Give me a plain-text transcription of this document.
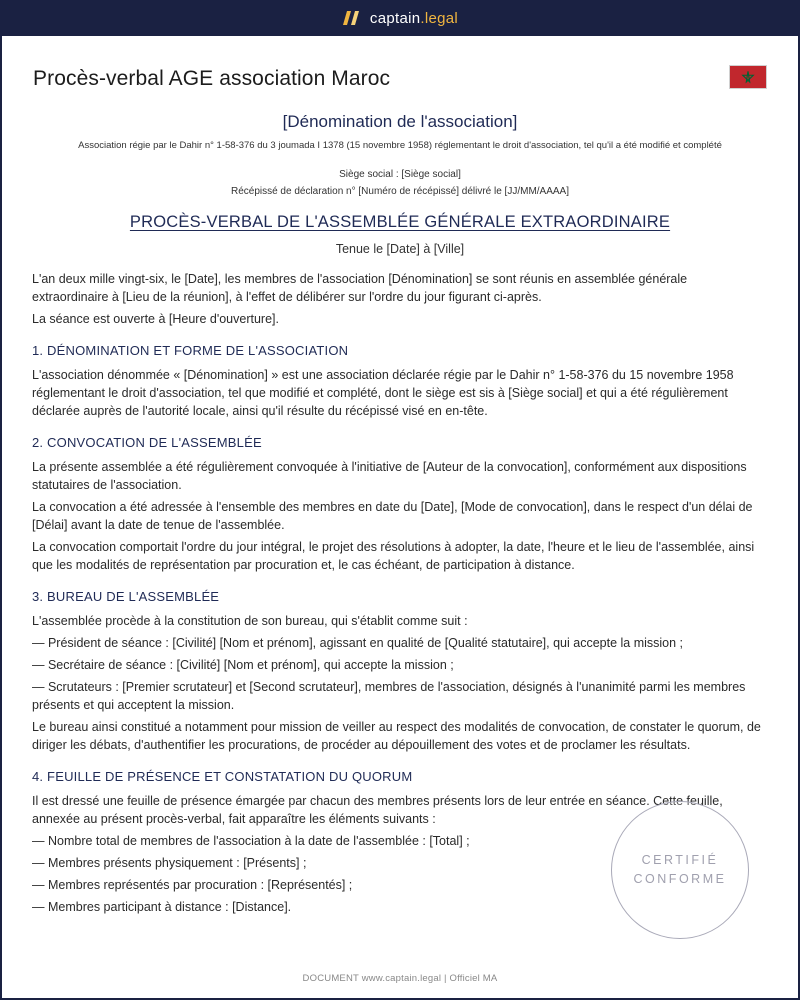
captain.legal
Procès-verbal AGE association Maroc
[Dénomination de l'association]
Association régie par le Dahir n° 1-58-376 du 3 joumada I 1378 (15 novembre 1958) réglementant le droit d'association, tel qu'il a été modifié et complété
Siège social : [Siège social]
Récépissé de déclaration n° [Numéro de récépissé] délivré le [JJ/MM/AAAA]
PROCÈS-VERBAL DE L'ASSEMBLÉE GÉNÉRALE EXTRAORDINAIRE
Tenue le [Date] à [Ville]

L'an deux mille vingt-six, le [Date], les membres de l'association [Dénomination] se sont réunis en assemblée générale extraordinaire à [Lieu de la réunion], à l'effet de délibérer sur l'ordre du jour figurant ci-après.

La séance est ouverte à [Heure d'ouverture].

1. DÉNOMINATION ET FORME DE L'ASSOCIATION

L'association dénommée « [Dénomination] » est une association déclarée régie par le Dahir n° 1-58-376 du 15 novembre 1958 réglementant le droit d'association, tel que modifié et complété, dont le siège est sis à [Siège social] et qui a été régulièrement déclarée auprès de l'autorité locale, ainsi qu'il résulte du récépissé visé en en-tête.

2. CONVOCATION DE L'ASSEMBLÉE

La présente assemblée a été régulièrement convoquée à l'initiative de [Auteur de la convocation], conformément aux dispositions statutaires de l'association.

La convocation a été adressée à l'ensemble des membres en date du [Date], [Mode de convocation], dans le respect d'un délai de [Délai] avant la date de tenue de l'assemblée.

La convocation comportait l'ordre du jour intégral, le projet des résolutions à adopter, la date, l'heure et le lieu de l'assemblée, ainsi que les modalités de représentation par procuration et, le cas échéant, de participation à distance.

3. BUREAU DE L'ASSEMBLÉE

L'assemblée procède à la constitution de son bureau, qui s'établit comme suit :

— Président de séance : [Civilité] [Nom et prénom], agissant en qualité de [Qualité statutaire], qui accepte la mission ;

— Secrétaire de séance : [Civilité] [Nom et prénom], qui accepte la mission ;

— Scrutateurs : [Premier scrutateur] et [Second scrutateur], membres de l'association, désignés à l'unanimité parmi les membres présents et qui acceptent la mission.

Le bureau ainsi constitué a notamment pour mission de veiller au respect des modalités de convocation, de constater le quorum, de diriger les débats, d'authentifier les procurations, de procéder au dépouillement des votes et de proclamer les résultats.

4. FEUILLE DE PRÉSENCE ET CONSTATATION DU QUORUM

Il est dressé une feuille de présence émargée par chacun des membres présents lors de leur entrée en séance. Cette feuille, annexée au présent procès-verbal, fait apparaître les éléments suivants :

— Nombre total de membres de l'association à la date de l'assemblée : [Total] ;

— Membres présents physiquement : [Présents] ;

— Membres représentés par procuration : [Représentés] ;

— Membres participant à distance : [Distance].

CERTIFIÉ
CONFORME
DOCUMENT www.captain.legal | Officiel MA
